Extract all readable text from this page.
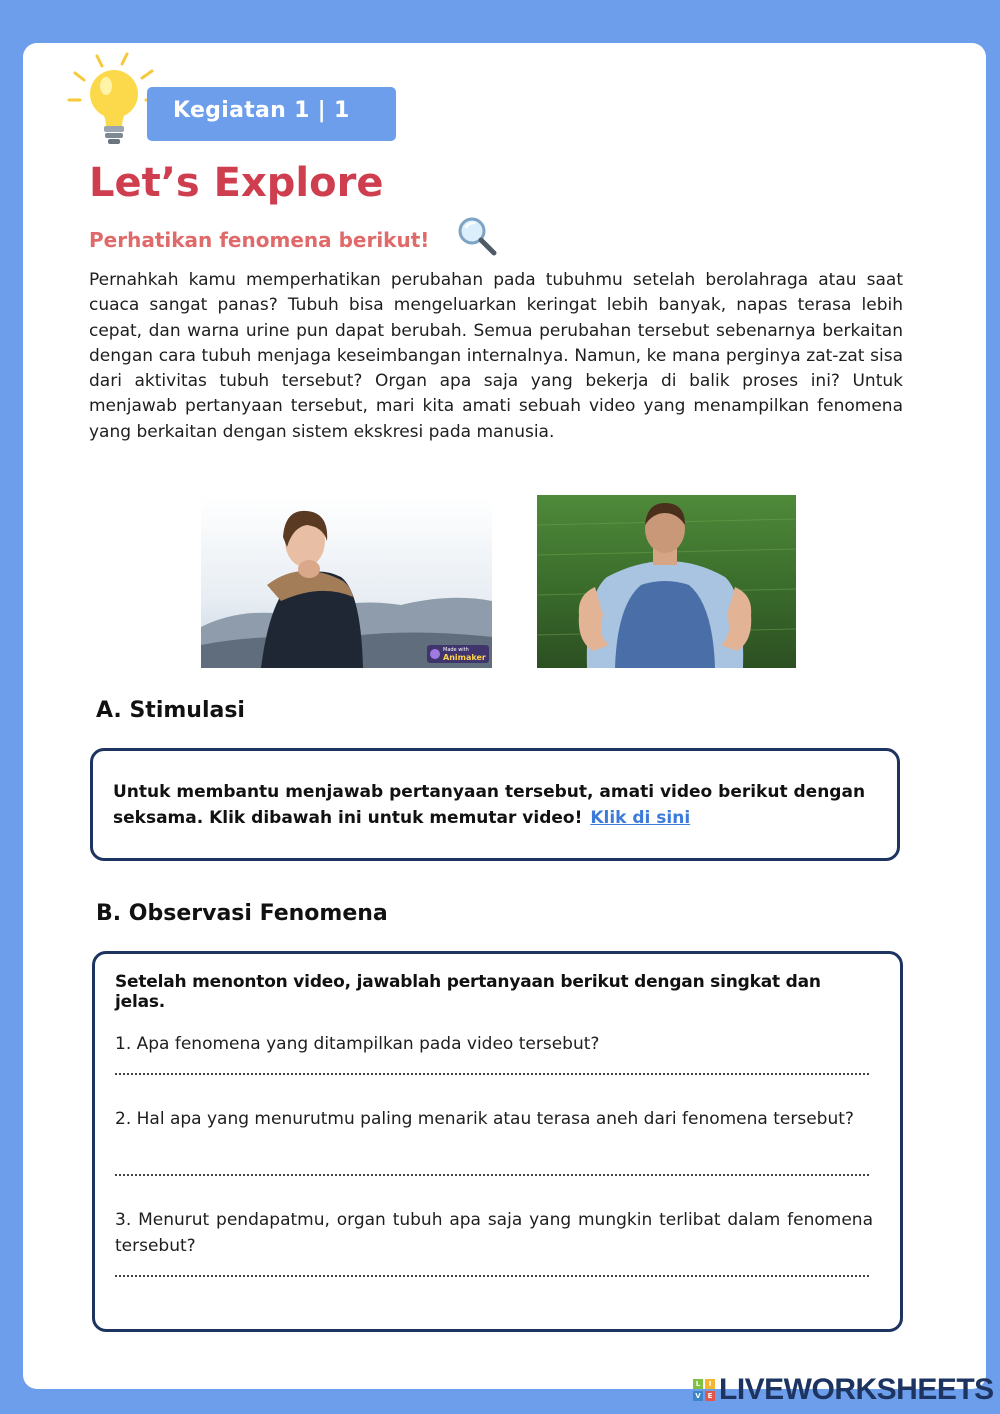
Kegiatan 1 | 1
Let’s Explore
Perhatikan fenomena berikut!

Pernahkah kamu memperhatikan perubahan pada tubuhmu setelah berolahraga atau saat cuaca sangat panas? Tubuh bisa mengeluarkan keringat lebih banyak, napas terasa lebih cepat, dan warna urine pun dapat berubah. Semua perubahan tersebut sebenarnya berkaitan dengan cara tubuh menjaga keseimbangan internalnya. Namun, ke mana perginya zat-zat sisa dari aktivitas tubuh tersebut? Organ apa saja yang bekerja di balik proses ini? Untuk menjawab pertanyaan tersebut, mari kita amati sebuah video yang menampilkan fenomena yang berkaitan dengan sistem ekskresi pada manusia.

Made with
Animaker
A. Stimulasi

Untuk membantu menjawab pertanyaan tersebut, amati video berikut dengan seksama. Klik dibawah ini untuk memutar video! Klik di sini

B. Observasi Fenomena

Setelah menonton video, jawablah pertanyaan berikut dengan singkat dan jelas.

1. Apa fenomena yang ditampilkan pada video tersebut?

2. Hal apa yang menurutmu paling menarik atau terasa aneh dari fenomena tersebut?

3. Menurut pendapatmu, organ tubuh apa saja yang mungkin terlibat dalam fenomena tersebut?

L	I
V E LIVEWORKSHEETS
